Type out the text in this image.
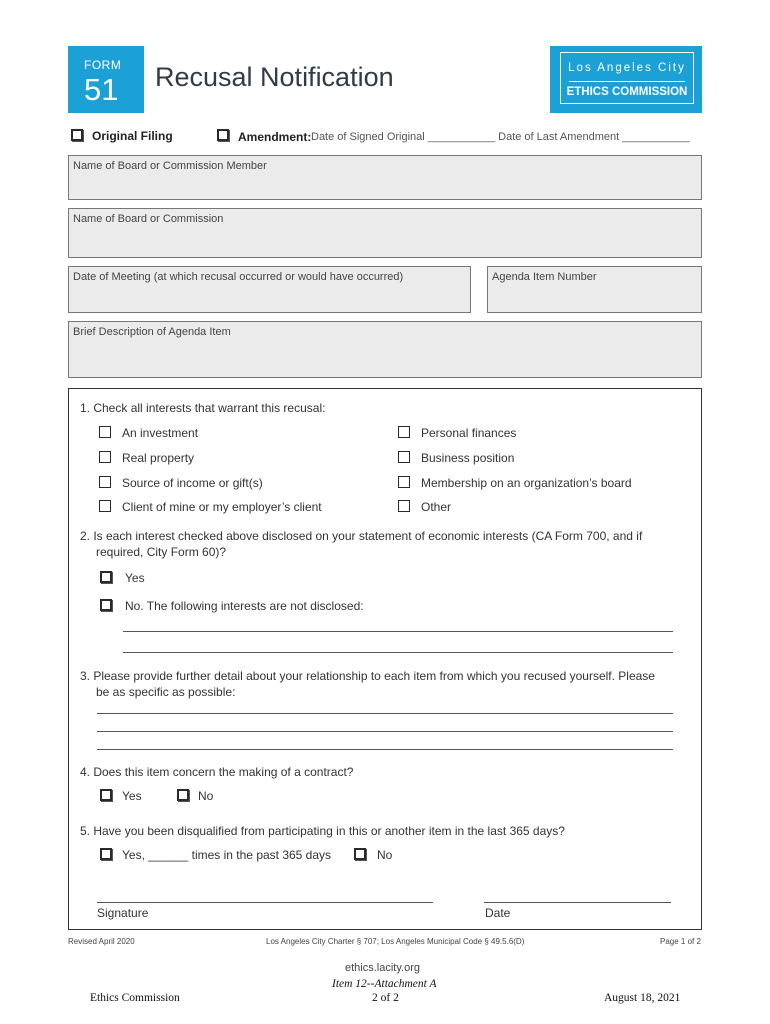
FORM
51 Recusal Notification	Los Angeles City
ETHICS COMMISSION
Original Filing	Amendment: Date of Signed Original ___________ Date of Last Amendment ___________
Name of Board or Commission Member
Name of Board or Commission
Date of Meeting (at which recusal occurred or would have occurred)	Agenda Item Number
Brief Description of Agenda Item
1. Check all interests that warrant this recusal:
An investment
Real property
Source of income or gift(s)
Client of mine or my employer’s client
Personal finances
Business position
Membership on an organization’s board
Other
2. Is each interest checked above disclosed on your statement of economic interests (CA Form 700, and if
required, City Form 60)?
Yes
No. The following interests are not disclosed:
3. Please provide further detail about your relationship to each item from which you recused yourself. Please
be as specific as possible:
4. Does this item concern the making of a contract?
Yes	No
5. Have you been disqualified from participating in this or another item in the last 365 days?
Yes, ______ times in the past 365 days	No
Signature	Date
Revised April 2020	Los Angeles City Charter § 707; Los Angeles Municipal Code § 49.5.6(D)	Page 1 of 2
ethics.lacity.org
Ethics Commission
Item 12--Attachment A
2 of 2	August 18, 2021
